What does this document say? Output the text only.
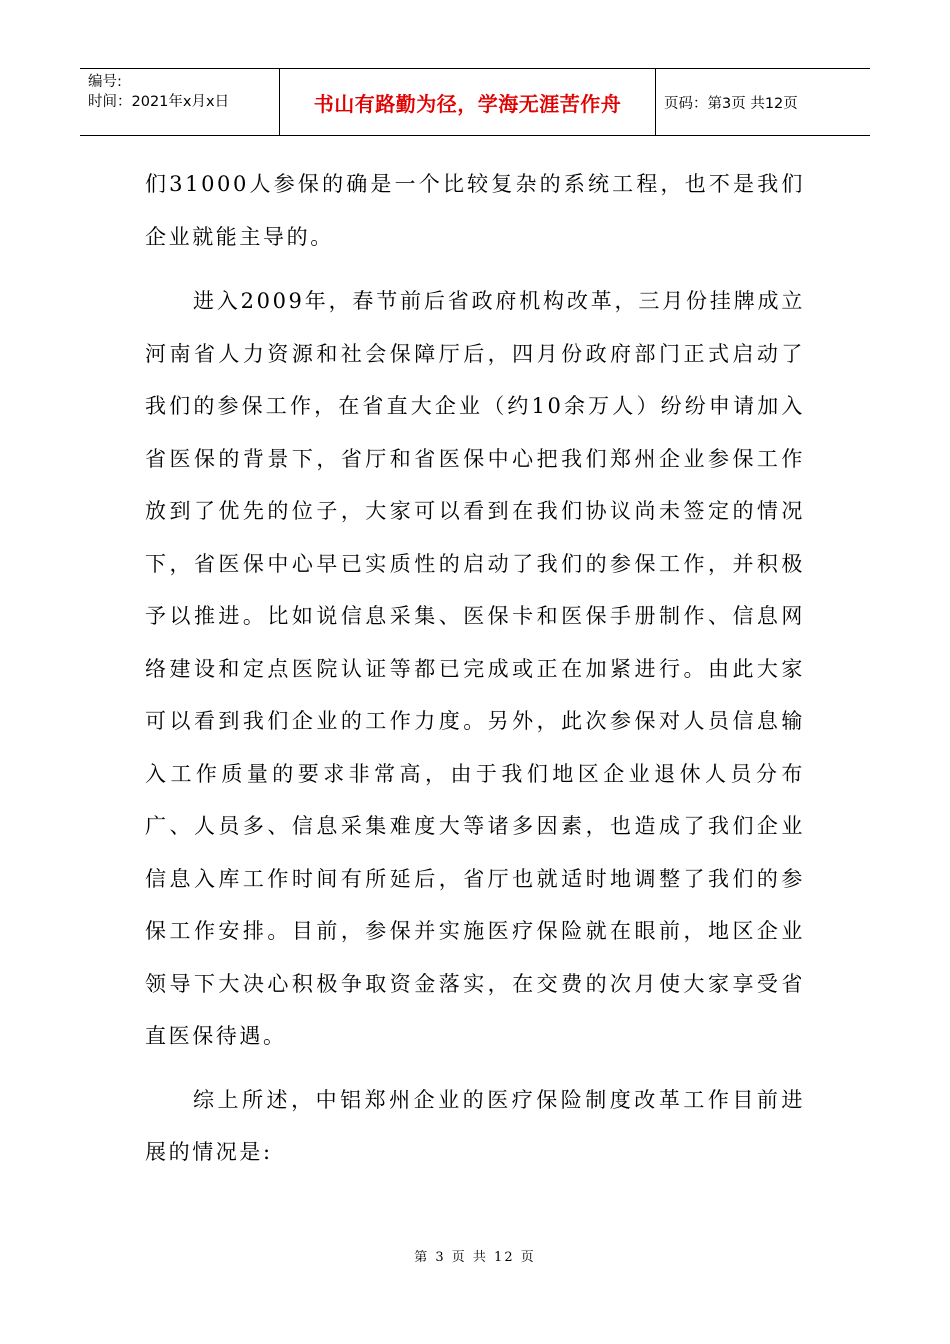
编号:
时间：2021年x月x日	书山有路勤为径，学海无涯苦作舟	页码：第3页 共12页

们31000人参保的确是一个比较复杂的系统工程，也不是我们企业就能主导的。

进入2009年，春节前后省政府机构改革，三月份挂牌成立河南省人力资源和社会保障厅后，四月份政府部门正式启动了我们的参保工作，在省直大企业（约10余万人）纷纷申请加入省医保的背景下，省厅和省医保中心把我们郑州企业参保工作放到了优先的位子，大家可以看到在我们协议尚未签定的情况下，省医保中心早已实质性的启动了我们的参保工作，并积极予以推进。比如说信息采集、医保卡和医保手册制作、信息网络建设和定点医院认证等都已完成或正在加紧进行。由此大家可以看到我们企业的工作力度。另外，此次参保对人员信息输入工作质量的要求非常高，由于我们地区企业退休人员分布广、人员多、信息采集难度大等诸多因素，也造成了我们企业信息入库工作时间有所延后，省厅也就适时地调整了我们的参保工作安排。目前，参保并实施医疗保险就在眼前，地区企业领导下大决心积极争取资金落实，在交费的次月使大家享受省直医保待遇。

综上所述，中铝郑州企业的医疗保险制度改革工作目前进展的情况是:

第 3 页 共 12 页
